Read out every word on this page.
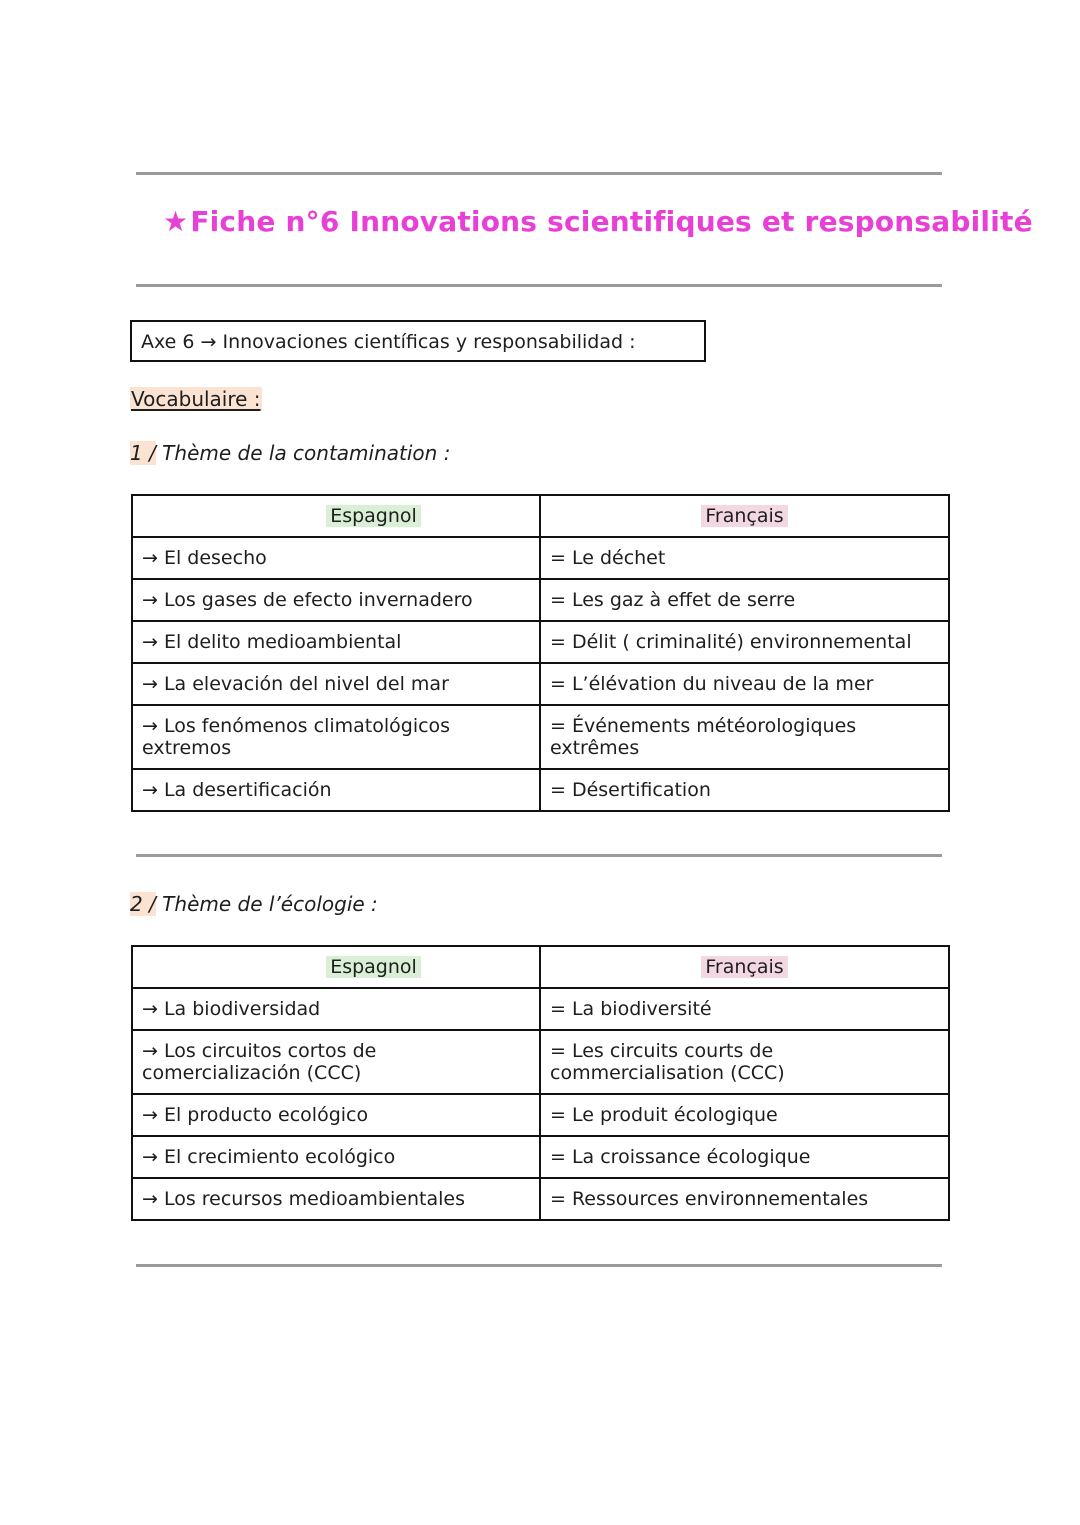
★Fiche n°6 Innovations scientifiques et responsabilité
Axe 6 → Innovaciones científicas y responsabilidad :
Vocabulaire :
1 / Thème de la contamination :
Espagnol	Français
→ El desecho	= Le déchet
→ Los gases de efecto invernadero	= Les gaz à effet de serre
→ El delito medioambiental	= Délit ( criminalité) environnemental
→ La elevación del nivel del mar	= L’élévation du niveau de la mer
→ Los fenómenos climatológicos extremos	= Événements météorologiques extrêmes
→ La desertificación	= Désertification
2 / Thème de l’écologie :
Espagnol	Français
→ La biodiversidad	= La biodiversité
→ Los circuitos cortos de comercialización (CCC)	= Les circuits courts de commercialisation (CCC)
→ El producto ecológico	= Le produit écologique
→ El crecimiento ecológico	= La croissance écologique
→ Los recursos medioambientales	= Ressources environnementales
